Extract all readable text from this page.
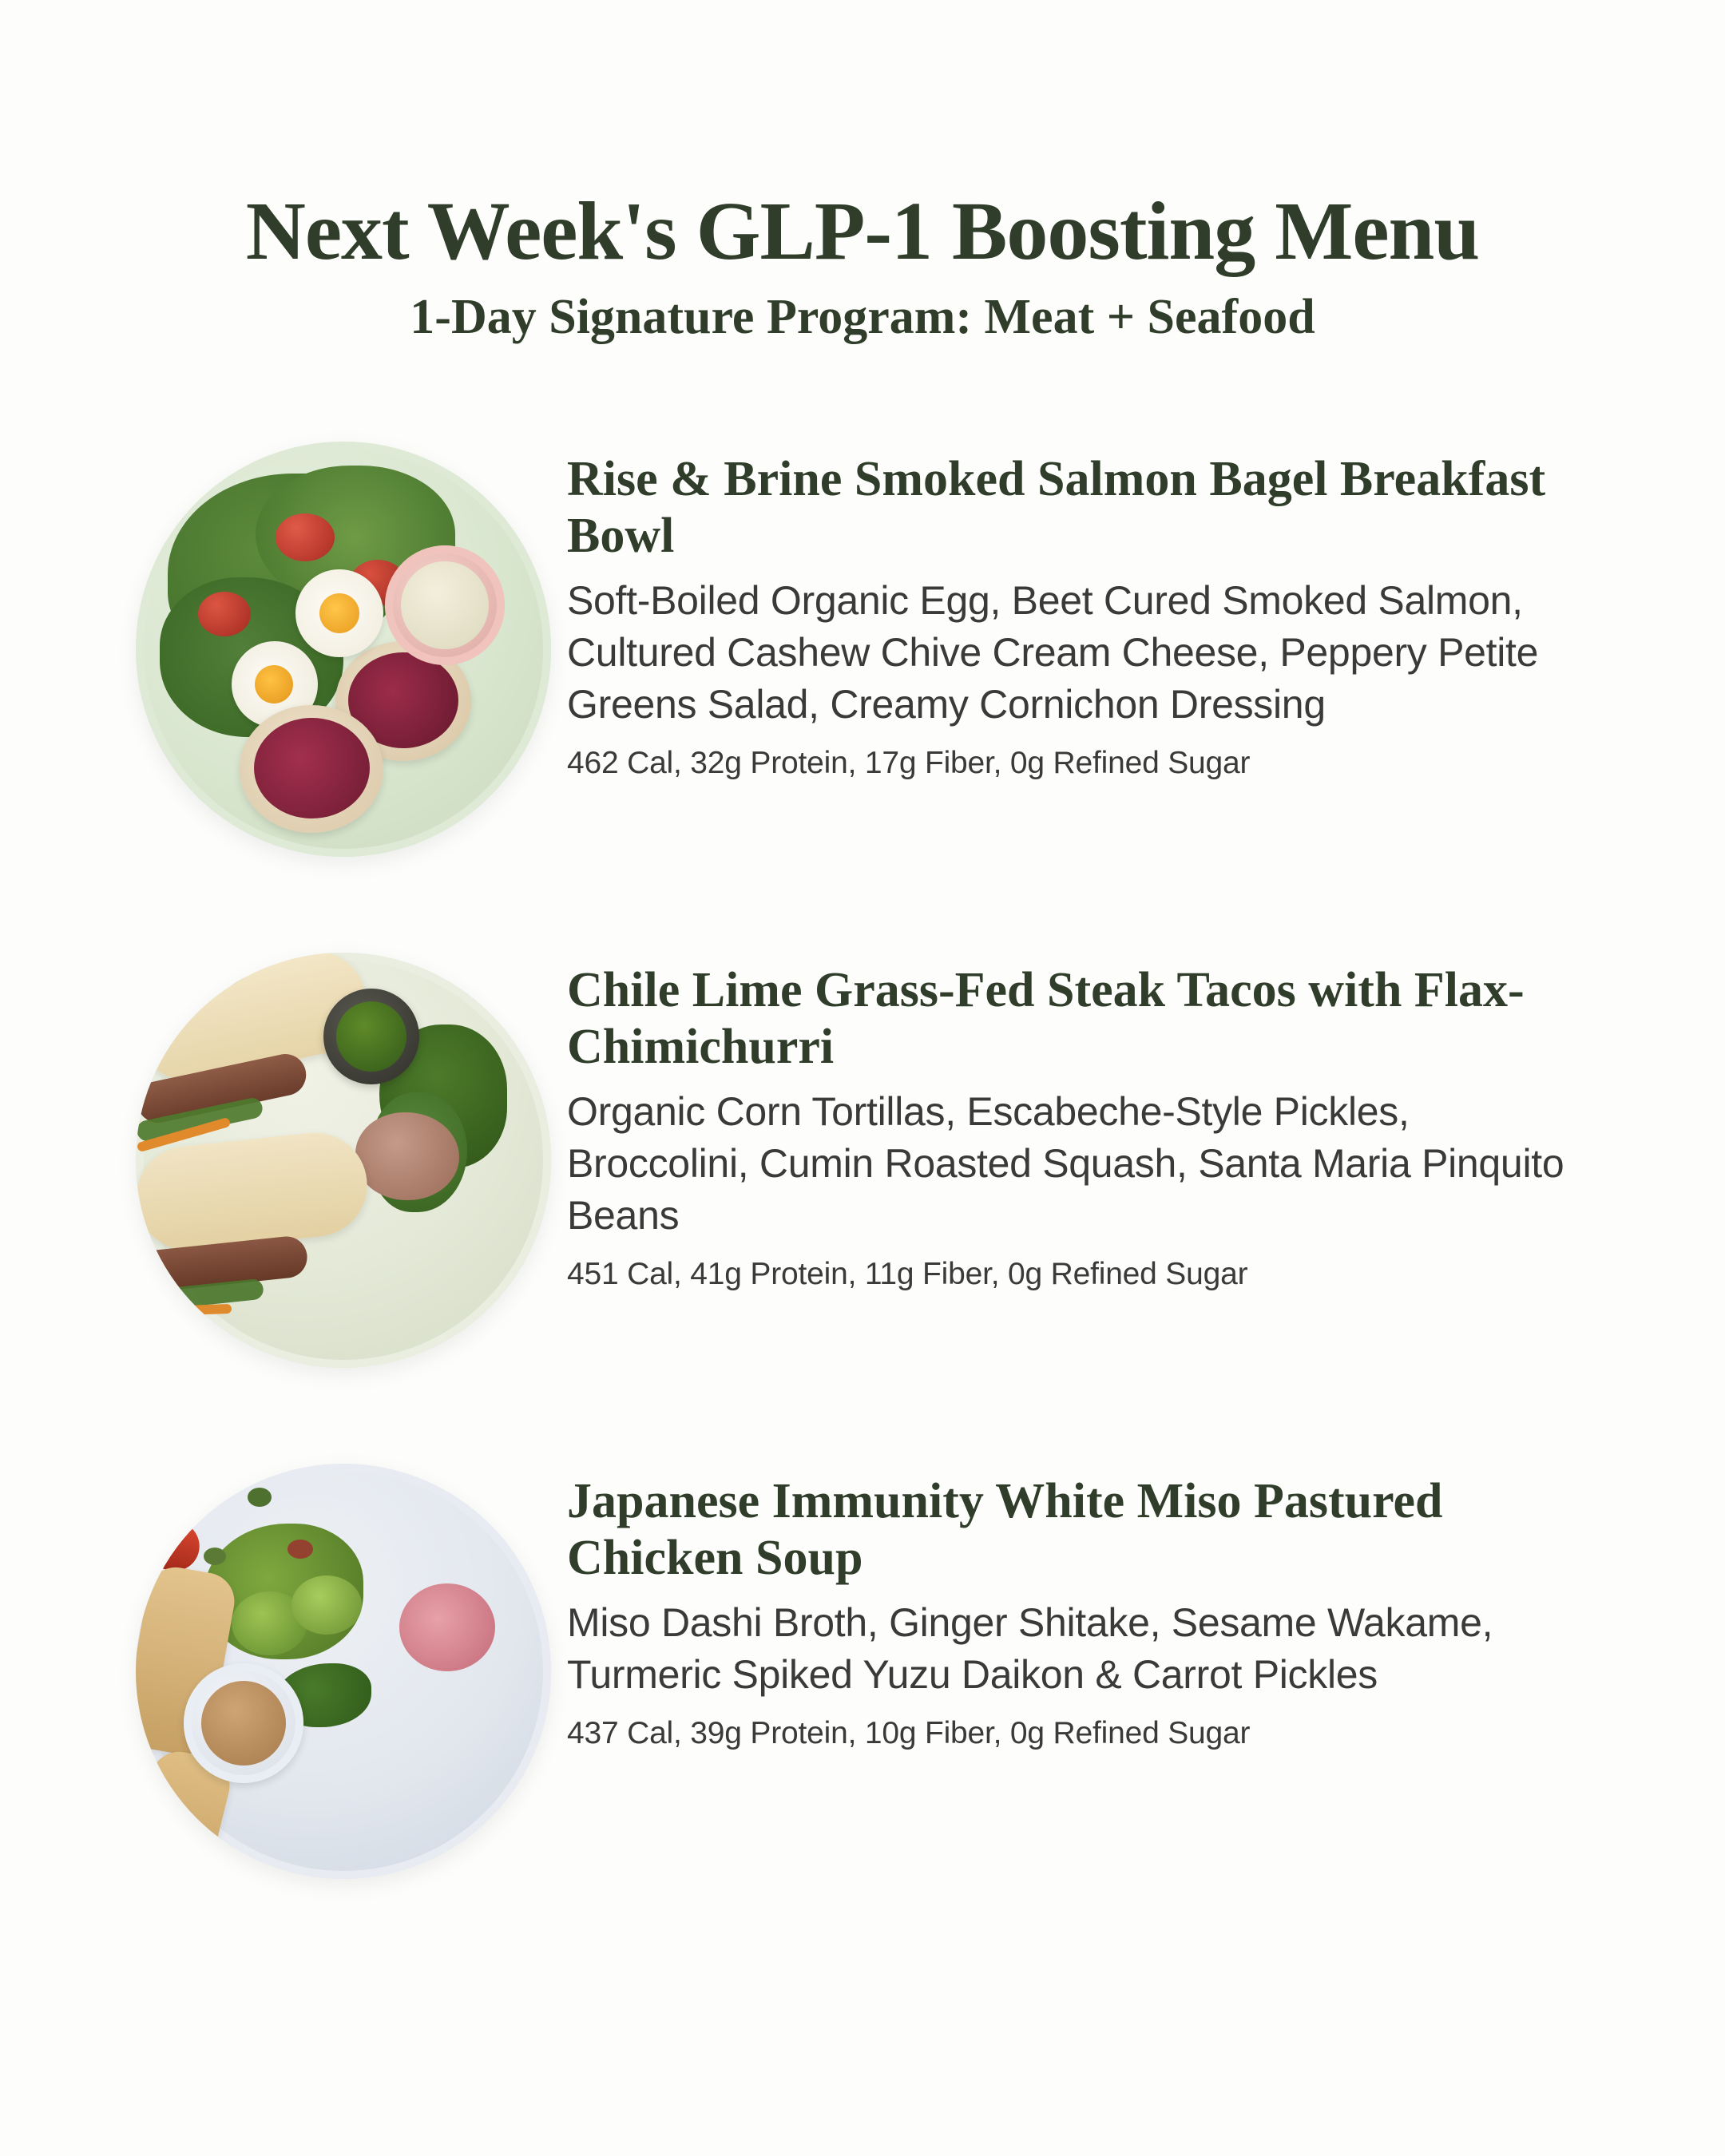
Next Week's GLP-1 Boosting Menu
1-Day Signature Program: Meat + Seafood
Rise & Brine Smoked Salmon Bagel Breakfast Bowl
Soft-Boiled Organic Egg, Beet Cured Smoked Salmon, Cultured Cashew Chive Cream Cheese, Peppery Petite Greens Salad, Creamy Cornichon Dressing
462 Cal, 32g Protein, 17g Fiber, 0g Refined Sugar
Chile Lime Grass-Fed Steak Tacos with Flax-Chimichurri
Organic Corn Tortillas, Escabeche-Style Pickles, Broccolini, Cumin Roasted Squash, Santa Maria Pinquito Beans
451 Cal, 41g Protein, 11g Fiber, 0g Refined Sugar
Japanese Immunity White Miso Pastured Chicken Soup
Miso Dashi Broth, Ginger Shitake, Sesame Wakame, Turmeric Spiked Yuzu Daikon & Carrot Pickles
437 Cal, 39g Protein, 10g Fiber, 0g Refined Sugar
